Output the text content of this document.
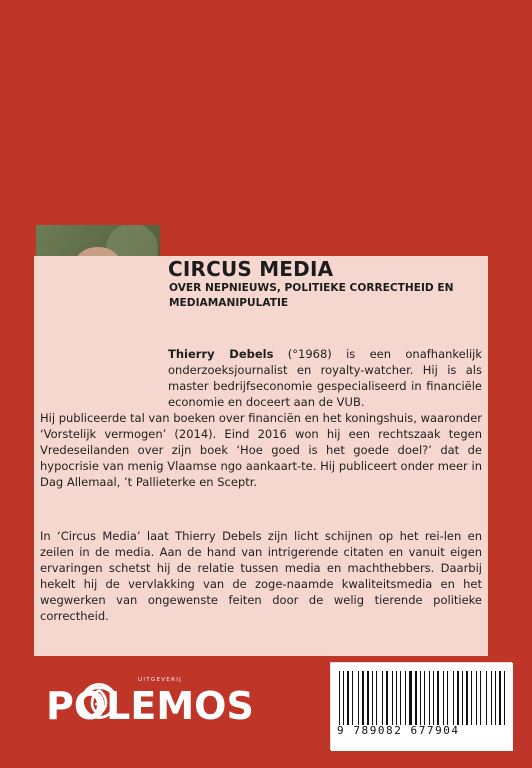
CIRCUS MEDIA

OVER NEPNIEUWS, POLITIEKE CORRECTHEID EN MEDIAMANIPULATIE

Thierry Debels (°1968) is een onafhankelijk onderzoeksjournalist en royalty-watcher. Hij is als master bedrijfseconomie gespecialiseerd in financiële economie en doceert aan de VUB.

Hij publiceerde tal van boeken over financiën en het koningshuis, waaronder ‘Vorstelijk vermogen’ (2014). Eind 2016 won hij een rechtszaak tegen Vredeseilanden over zijn boek ‘Hoe goed is het goede doel?’ dat de hypocrisie van menig Vlaamse ngo aankaart-te. Hij publiceert onder meer in Dag Allemaal, ’t Pallieterke en Sceptr.

In ‘Circus Media’ laat Thierry Debels zijn licht schijnen op het rei-len en zeilen in de media. Aan de hand van intrigerende citaten en vanuit eigen ervaringen schetst hij de relatie tussen media en machthebbers. Daarbij hekelt hij de vervlakking van de zoge-naamde kwaliteitsmedia en het wegwerken van ongewenste feiten door de welig tierende politieke correctheid.

9 789082 677904

UITGEVERIJ

POLEMOS
